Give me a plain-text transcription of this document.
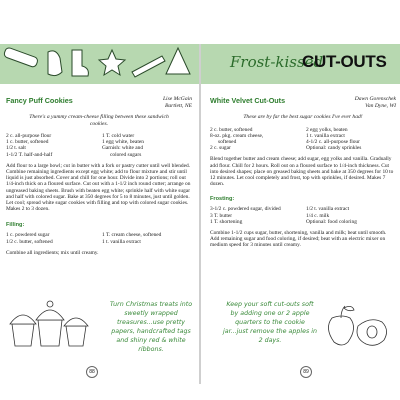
Frost-kissed
CUT-OUTS
Fancy Puff Cookies	Lise McGain
Bartlett, NE
There's a yummy cream-cheese filling between these sandwich cookies.
2 c. all-purpose flour
1 c. butter, softened
1/2 t. salt
1-1/2 T. half-and-half
1 T. cold water
1 egg white, beaten
Garnish: white and
colored sugars
Add flour to a large bowl; cut in butter with a fork or pastry cutter until well blended. Combine remaining ingredients except egg white; add to flour mixture and stir until liquid is just absorbed. Cover and chill for one hour. Divide into 2 portions; roll out 1/4-inch thick on a floured surface. Cut out with a 1-1/2 inch round cutter; arrange on ungreased baking sheets. Brush with beaten egg white; sprinkle half with white sugar and half with colored sugar. Bake at 350 degrees for 5 to 8 minutes, just until golden. Let cool; spread white sugar cookies with filling and top with colored sugar cookies. Makes 2 to 3 dozen.
Filling:
1 c. powdered sugar
1/2 c. butter, softened
1 T. cream cheese, softened
1 t. vanilla extract
Combine all ingredients; mix until creamy.
Turn Christmas treats into sweetly wrapped treasures...use pretty papers, handcrafted tags and shiny red & white ribbons.
88
White Velvet Cut-Outs	Dawn Gorenschek
Van Dyne, WI
These are by far the best sugar cookies I've ever had!
2 c. butter, softened
8-oz. pkg. cream cheese,
softened
2 c. sugar
2 egg yolks, beaten
1 t. vanilla extract
4-1/2 c. all-purpose flour
Optional: candy sprinkles
Blend together butter and cream cheese; add sugar, egg yolks and vanilla. Gradually add flour. Chill for 2 hours. Roll out on a floured surface to 1/4-inch thickness. Cut into desired shapes; place on greased baking sheets and bake at 350 degrees for 10 to 12 minutes. Let cool completely and frost, top with sprinkles, if desired. Makes 7 dozen.
Frosting:
3-1/2 c. powdered sugar, divided
3 T. butter
1 T. shortening
1/2 t. vanilla extract
1/4 c. milk
Optional: food coloring
Combine 1-1/2 cups sugar, butter, shortening, vanilla and milk; beat until smooth. Add remaining sugar and food coloring, if desired; beat with an electric mixer on medium speed for 3 minutes until creamy.
Keep your soft cut-outs soft by adding one or 2 apple quarters to the cookie jar...just remove the apples in 2 days.
89
